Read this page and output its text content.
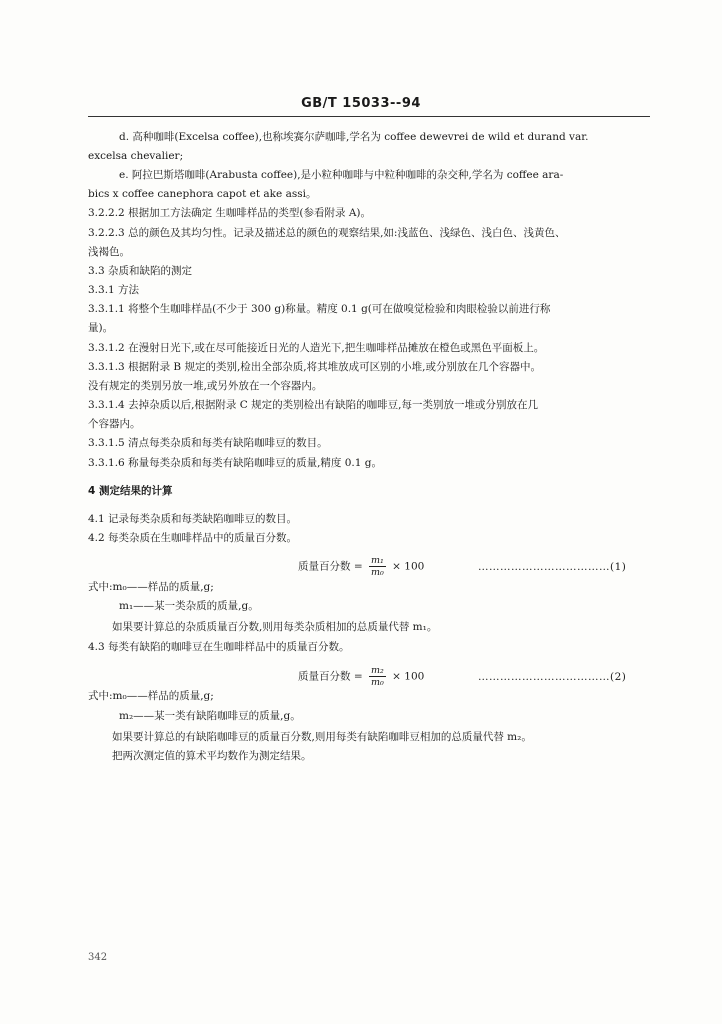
GB/T 15033--94
d. 高种咖啡(Excelsa coffee),也称埃赛尔萨咖啡,学名为 coffee dewevrei de wild et durand var.
excelsa chevalier;
e. 阿拉巴斯塔咖啡(Arabusta coffee),是小粒种咖啡与中粒种咖啡的杂交种,学名为 coffee ara-
bics x coffee canephora capot et ake assi。
3.2.2.2 根据加工方法确定 生咖啡样品的类型(参看附录 A)。
3.2.2.3 总的颜色及其均匀性。记录及描述总的颜色的观察结果,如:浅蓝色、浅绿色、浅白色、浅黄色、
浅褐色。
3.3 杂质和缺陷的测定
3.3.1 方法
3.3.1.1 将整个生咖啡样品(不少于 300 g)称量。精度 0.1 g(可在做嗅觉检验和肉眼检验以前进行称
量)。
3.3.1.2 在漫射日光下,或在尽可能接近日光的人造光下,把生咖啡样品摊放在橙色或黑色平面板上。
3.3.1.3 根据附录 B 规定的类别,检出全部杂质,将其堆放成可区别的小堆,或分别放在几个容器中。
没有规定的类别另放一堆,或另外放在一个容器内。
3.3.1.4 去掉杂质以后,根据附录 C 规定的类别检出有缺陷的咖啡豆,每一类别放一堆或分别放在几
个容器内。
3.3.1.5 清点每类杂质和每类有缺陷咖啡豆的数目。
3.3.1.6 称量每类杂质和每类有缺陷咖啡豆的质量,精度 0.1 g。
4 测定结果的计算
4.1 记录每类杂质和每类缺陷咖啡豆的数目。
4.2 每类杂质在生咖啡样品中的质量百分数。
式中:m₀——样品的质量,g;
m₁——某一类杂质的质量,g。
如果要计算总的杂质质量百分数,则用每类杂质相加的总质量代替 m₁。
4.3 每类有缺陷的咖啡豆在生咖啡样品中的质量百分数。
式中:m₀——样品的质量,g;
m₂——某一类有缺陷咖啡豆的质量,g。
如果要计算总的有缺陷咖啡豆的质量百分数,则用每类有缺陷咖啡豆相加的总质量代替 m₂。
把两次测定值的算术平均数作为测定结果。
质量百分数 = $\frac{\text{m₁}}{\text{m₀}} \times 100$	………………………………(1)
质量百分数 = $\frac{\text{m₂}}{\text{m₀}} \times 100$	………………………………(2)
342
